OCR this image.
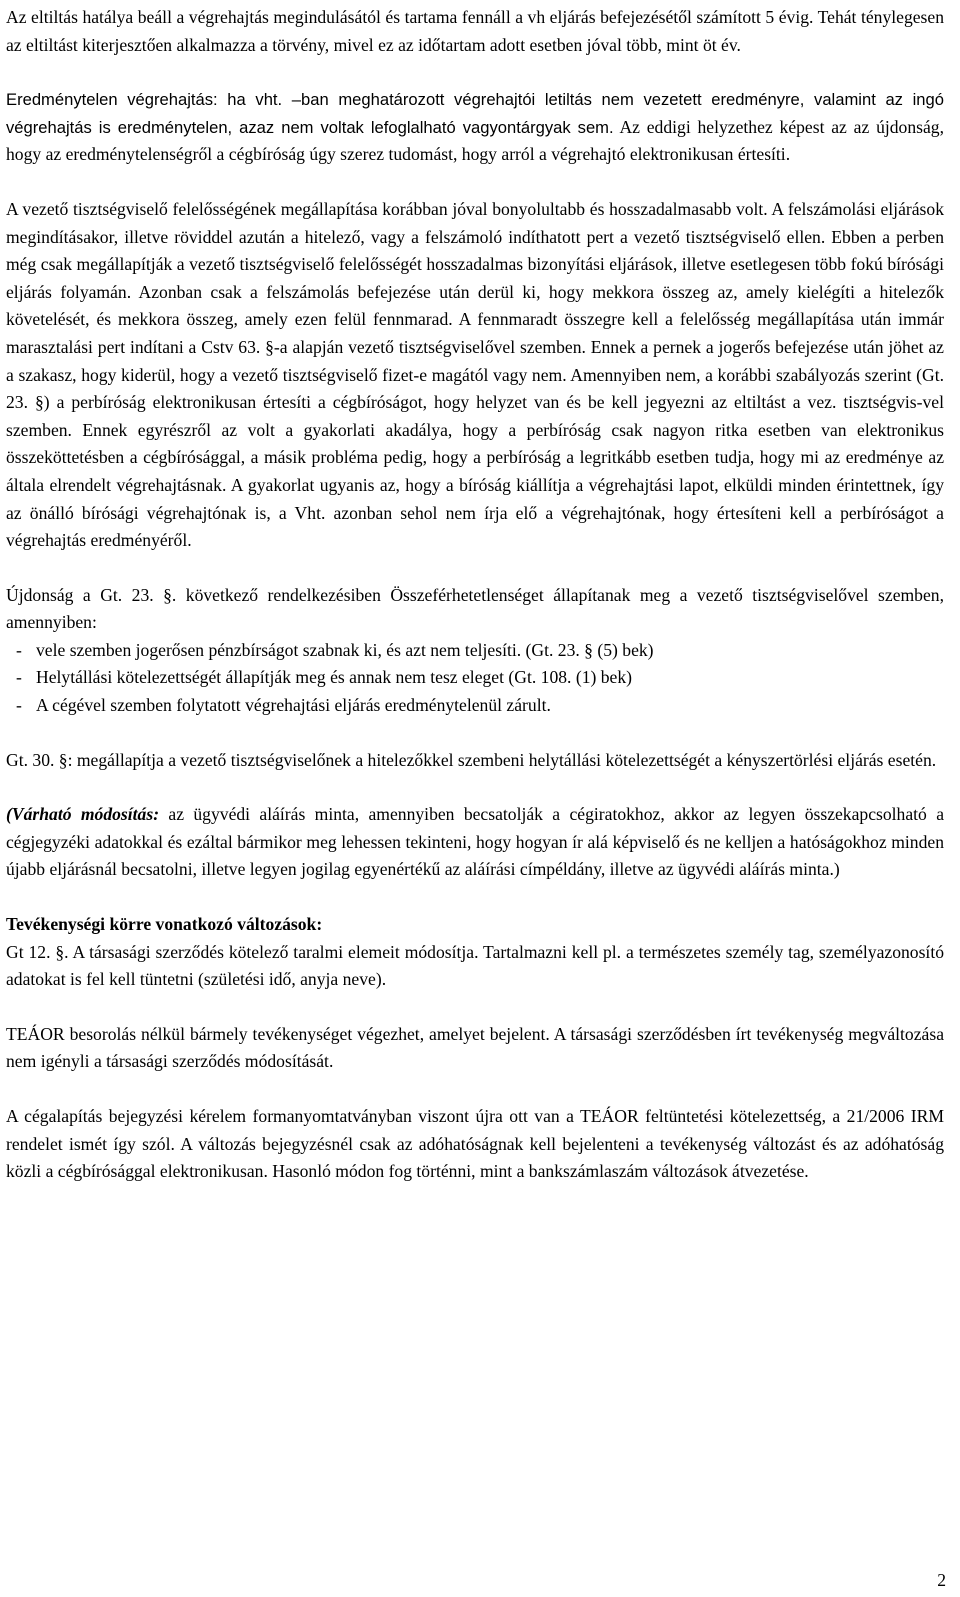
Az eltiltás hatálya beáll a végrehajtás megindulásától és tartama fennáll a vh eljárás befejezésétől számított 5 évig. Tehát ténylegesen az eltiltást kiterjesztően alkalmazza a törvény, mivel ez az időtartam adott esetben jóval több, mint öt év.

Eredménytelen végrehajtás: ha vht. –ban meghatározott végrehajtói letiltás nem vezetett eredményre, valamint az ingó végrehajtás is eredménytelen, azaz nem voltak lefoglalható vagyontárgyak sem. Az eddigi helyzethez képest az az újdonság, hogy az eredménytelenségről a cégbíróság úgy szerez tudomást, hogy arról a végrehajtó elektronikusan értesíti.

A vezető tisztségviselő felelősségének megállapítása korábban jóval bonyolultabb és hosszadalmasabb volt. A felszámolási eljárások megindításakor, illetve röviddel azután a hitelező, vagy a felszámoló indíthatott pert a vezető tisztségviselő ellen. Ebben a perben még csak megállapítják a vezető tisztségviselő felelősségét hosszadalmas bizonyítási eljárások, illetve esetlegesen több fokú bírósági eljárás folyamán. Azonban csak a felszámolás befejezése után derül ki, hogy mekkora összeg az, amely kielégíti a hitelezők követelését, és mekkora összeg, amely ezen felül fennmarad. A fennmaradt összegre kell a felelősség megállapítása után immár marasztalási pert indítani a Cstv 63. §-a alapján vezető tisztségviselővel szemben. Ennek a pernek a jogerős befejezése után jöhet az a szakasz, hogy kiderül, hogy a vezető tisztségviselő fizet-e magától vagy nem. Amennyiben nem, a korábbi szabályozás szerint (Gt. 23. §) a perbíróság elektronikusan értesíti a cégbíróságot, hogy helyzet van és be kell jegyezni az eltiltást a vez. tisztségvis-vel szemben. Ennek egyrészről az volt a gyakorlati akadálya, hogy a perbíróság csak nagyon ritka esetben van elektronikus összeköttetésben a cégbírósággal, a másik probléma pedig, hogy a perbíróság a legritkább esetben tudja, hogy mi az eredménye az általa elrendelt végrehajtásnak. A gyakorlat ugyanis az, hogy a bíróság kiállítja a végrehajtási lapot, elküldi minden érintettnek, így az önálló bírósági végrehajtónak is, a Vht. azonban sehol nem írja elő a végrehajtónak, hogy értesíteni kell a perbíróságot a végrehajtás eredményéről.

Újdonság a Gt. 23. §. következő rendelkezésiben Összeférhetetlenséget állapítanak meg a vezető tisztségviselővel szemben, amennyiben:

- vele szemben jogerősen pénzbírságot szabnak ki, és azt nem teljesíti. (Gt. 23. § (5) bek)
- Helytállási kötelezettségét állapítják meg és annak nem tesz eleget (Gt. 108. (1) bek)
- A cégével szemben folytatott végrehajtási eljárás eredménytelenül zárult.

Gt. 30. §: megállapítja a vezető tisztségviselőnek a hitelezőkkel szembeni helytállási kötelezettségét a kényszertörlési eljárás esetén.

(Várható módosítás: az ügyvédi aláírás minta, amennyiben becsatolják a cégiratokhoz, akkor az legyen összekapcsolható a cégjegyzéki adatokkal és ezáltal bármikor meg lehessen tekinteni, hogy hogyan ír alá képviselő és ne kelljen a hatóságokhoz minden újabb eljárásnál becsatolni, illetve legyen jogilag egyenértékű az aláírási címpéldány, illetve az ügyvédi aláírás minta.)

Tevékenységi körre vonatkozó változások:

Gt 12. §. A társasági szerződés kötelező taralmi elemeit módosítja. Tartalmazni kell pl. a természetes személy tag, személyazonosító adatokat is fel kell tüntetni (születési idő, anyja neve).

TEÁOR besorolás nélkül bármely tevékenységet végezhet, amelyet bejelent. A társasági szerződésben írt tevékenység megváltozása nem igényli a társasági szerződés módosítását.

A cégalapítás bejegyzési kérelem formanyomtatványban viszont újra ott van a TEÁOR feltüntetési kötelezettség, a 21/2006 IRM rendelet ismét így szól. A változás bejegyzésnél csak az adóhatóságnak kell bejelenteni a tevékenység változást és az adóhatóság közli a cégbírósággal elektronikusan. Hasonló módon fog történni, mint a bankszámlaszám változások átvezetése.

2
